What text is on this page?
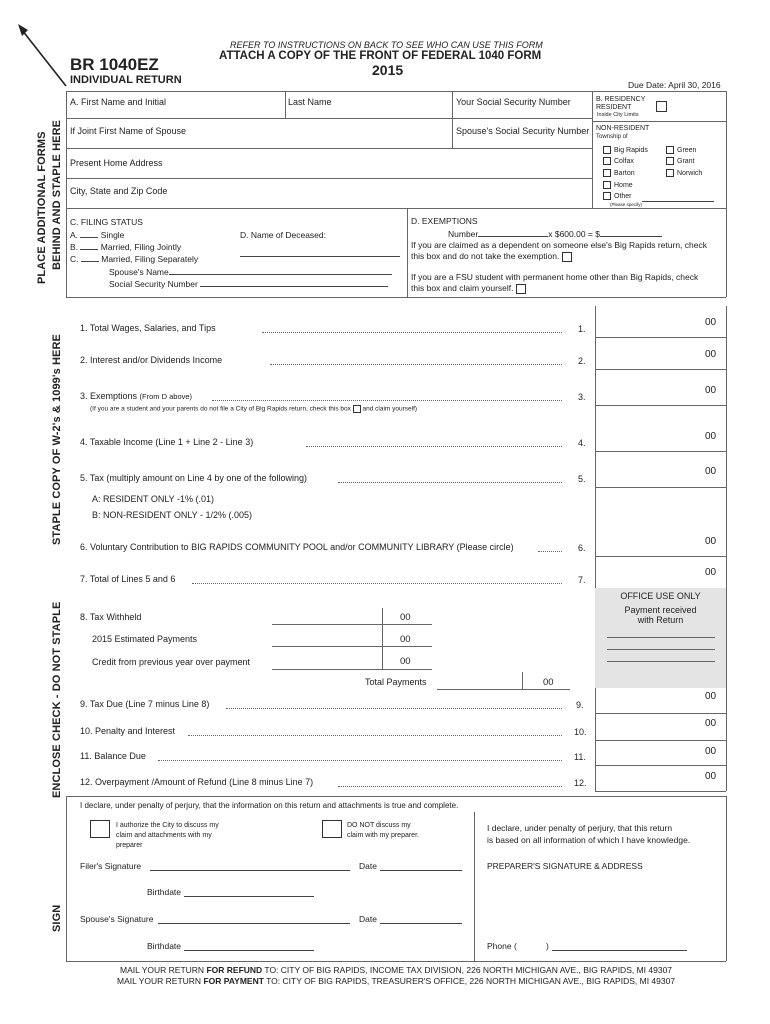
PLACE ADDITIONAL FORMS BEHIND AND STAPLE HERE
STAPLE COPY OF W-2's & 1099's HERE
ENCLOSE CHECK - DO NOT STAPLE
SIGN
REFER TO INSTRUCTIONS ON BACK TO SEE WHO CAN USE THIS FORM
ATTACH A COPY OF THE FRONT OF FEDERAL 1040 FORM
2015
BR 1040EZ
INDIVIDUAL RETURN	Due Date: April 30, 2016
A. First Name and Initial	Last Name	Your Social Security Number
If Joint First Name of Spouse	Spouse's Social Security Number
Present Home Address
City, State and Zip Code
B. RESIDENCY
RESIDENT
Inside City Limits
NON-RESIDENT
Township of
Big Rapids	Green
Colfax	Grant
Barton	Norwich
Home
Other
(Please specify)
C. FILING STATUS
A.  Single
B.  Married, Filing Jointly
C.  Married, Filing Separately
Spouse's Name
Social Security Number
D. Name of Deceased:
D. EXEMPTIONS
Number	x $600.00 = $
If you are claimed as a dependent on someone else's Big Rapids return, check
this box and do not take the exemption.
If you are a FSU student with permanent home other than Big Rapids, check
this box and claim yourself.
1. Total Wages, Salaries, and Tips	1.
00
2. Interest and/or Dividends Income	2.
00
3. Exemptions (From D above)	3.
00
(If you are a student and your parents do not file a City of Big Rapids return, check this box and claim yourself)
4. Taxable Income (Line 1 + Line 2 - Line 3)	4.
00
5. Tax (multiply amount on Line 4 by one of the following)	5.
00
A: RESIDENT ONLY -1% (.01)
B: NON-RESIDENT ONLY - 1/2% (.005)
6. Voluntary Contribution to BIG RAPIDS COMMUNITY POOL and/or COMMUNITY LIBRARY (Please circle)	6.
00
7. Total of Lines 5 and 6	7.
00
OFFICE USE ONLY
Payment received
with Return
8. Tax Withheld	00
2015 Estimated Payments	00
Credit from previous year over payment	00
Total Payments	00
9. Tax Due (Line 7 minus Line 8)	9.
00
10. Penalty and Interest	10.
00
11. Balance Due	11.	00
12. Overpayment /Amount of Refund (Line 8 minus Line 7)	12.
00
I declare, under penalty of perjury, that the information on this return and attachments is true and complete.
I authorize the City to discuss my
claim and attachments with my
preparer
DO NOT discuss my
claim with my preparer.
I declare, under penalty of perjury, that this return
is based on all information of which I have knowledge.
Filer's Signature	Date	PREPARER'S SIGNATURE & ADDRESS
Birthdate
Spouse's Signature	Date
Birthdate	Phone (	)
MAIL YOUR RETURN FOR REFUND TO: CITY OF BIG RAPIDS, INCOME TAX DIVISION, 226 NORTH MICHIGAN AVE., BIG RAPIDS, MI 49307
MAIL YOUR RETURN FOR PAYMENT TO: CITY OF BIG RAPIDS, TREASURER'S OFFICE, 226 NORTH MICHIGAN AVE., BIG RAPIDS, MI 49307
